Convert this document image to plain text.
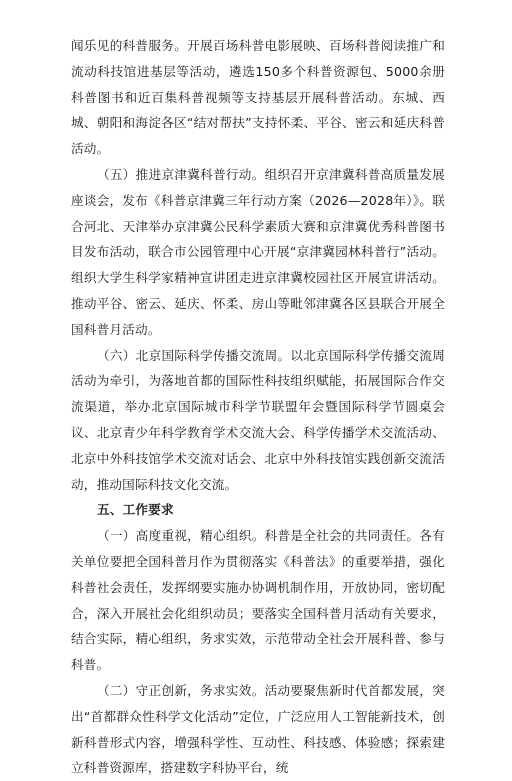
闻乐见的科普服务。开展百场科普电影展映、百场科普阅读推广和流动科技馆进基层等活动，遴选150多个科普资源包、5000余册科普图书和近百集科普视频等支持基层开展科普活动。东城、西城、朝阳和海淀各区“结对帮扶”支持怀柔、平谷、密云和延庆科普活动。

（五）推进京津冀科普行动。组织召开京津冀科普高质量发展座谈会，发布《科普京津冀三年行动方案（2026—2028年）》。联合河北、天津举办京津冀公民科学素质大赛和京津冀优秀科普图书目发布活动，联合市公园管理中心开展“京津冀园林科普行”活动。组织大学生科学家精神宣讲团走进京津冀校园社区开展宣讲活动。推动平谷、密云、延庆、怀柔、房山等毗邻津冀各区县联合开展全国科普月活动。

（六）北京国际科学传播交流周。以北京国际科学传播交流周活动为牵引，为落地首都的国际性科技组织赋能，拓展国际合作交流渠道，举办北京国际城市科学节联盟年会暨国际科学节圆桌会议、北京青少年科学教育学术交流大会、科学传播学术交流活动、北京中外科技馆学术交流对话会、北京中外科技馆实践创新交流活动，推动国际科技文化交流。

五、工作要求

（一）高度重视，精心组织。科普是全社会的共同责任。各有关单位要把全国科普月作为贯彻落实《科普法》的重要举措，强化科普社会责任，发挥纲要实施办协调机制作用，开放协同，密切配合，深入开展社会化组织动员；要落实全国科普月活动有关要求，结合实际，精心组织，务求实效，示范带动全社会开展科普、参与科普。

（二）守正创新，务求实效。活动要聚焦新时代首都发展，突出“首都群众性科学文化活动”定位，广泛应用人工智能新技术，创新科普形式内容，增强科学性、互动性、科技感、体验感；探索建立科普资源库，搭建数字科协平台，统
